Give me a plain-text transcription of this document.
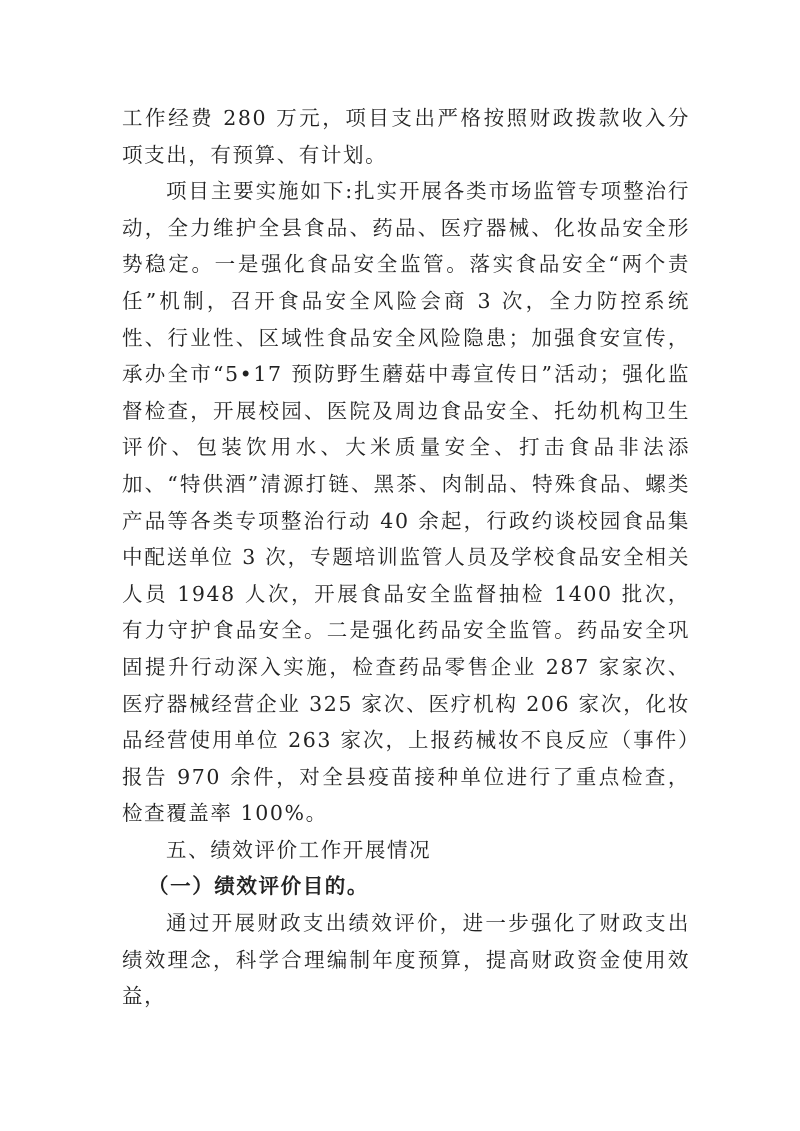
工作经费 280 万元，项目支出严格按照财政拨款收入分项支出，有预算、有计划。

项目主要实施如下:扎实开展各类市场监管专项整治行动，全力维护全县食品、药品、医疗器械、化妆品安全形势稳定。一是强化食品安全监管。落实食品安全“两个责任”机制，召开食品安全风险会商 3 次，全力防控系统性、行业性、区域性食品安全风险隐患；加强食安宣传，承办全市“5•17 预防野生蘑菇中毒宣传日”活动；强化监督检查，开展校园、医院及周边食品安全、托幼机构卫生评价、包装饮用水、大米质量安全、打击食品非法添加、“特供酒”清源打链、黑茶、肉制品、特殊食品、螺类产品等各类专项整治行动 40 余起，行政约谈校园食品集中配送单位 3 次，专题培训监管人员及学校食品安全相关人员 1948 人次，开展食品安全监督抽检 1400 批次，有力守护食品安全。二是强化药品安全监管。药品安全巩固提升行动深入实施，检查药品零售企业 287 家家次、医疗器械经营企业 325 家次、医疗机构 206 家次，化妆品经营使用单位 263 家次，上报药械妆不良反应（事件）报告 970 余件，对全县疫苗接种单位进行了重点检查，检查覆盖率 100%。

五、绩效评价工作开展情况

（一）绩效评价目的。

通过开展财政支出绩效评价，进一步强化了财政支出绩效理念，科学合理编制年度预算，提高财政资金使用效益，
